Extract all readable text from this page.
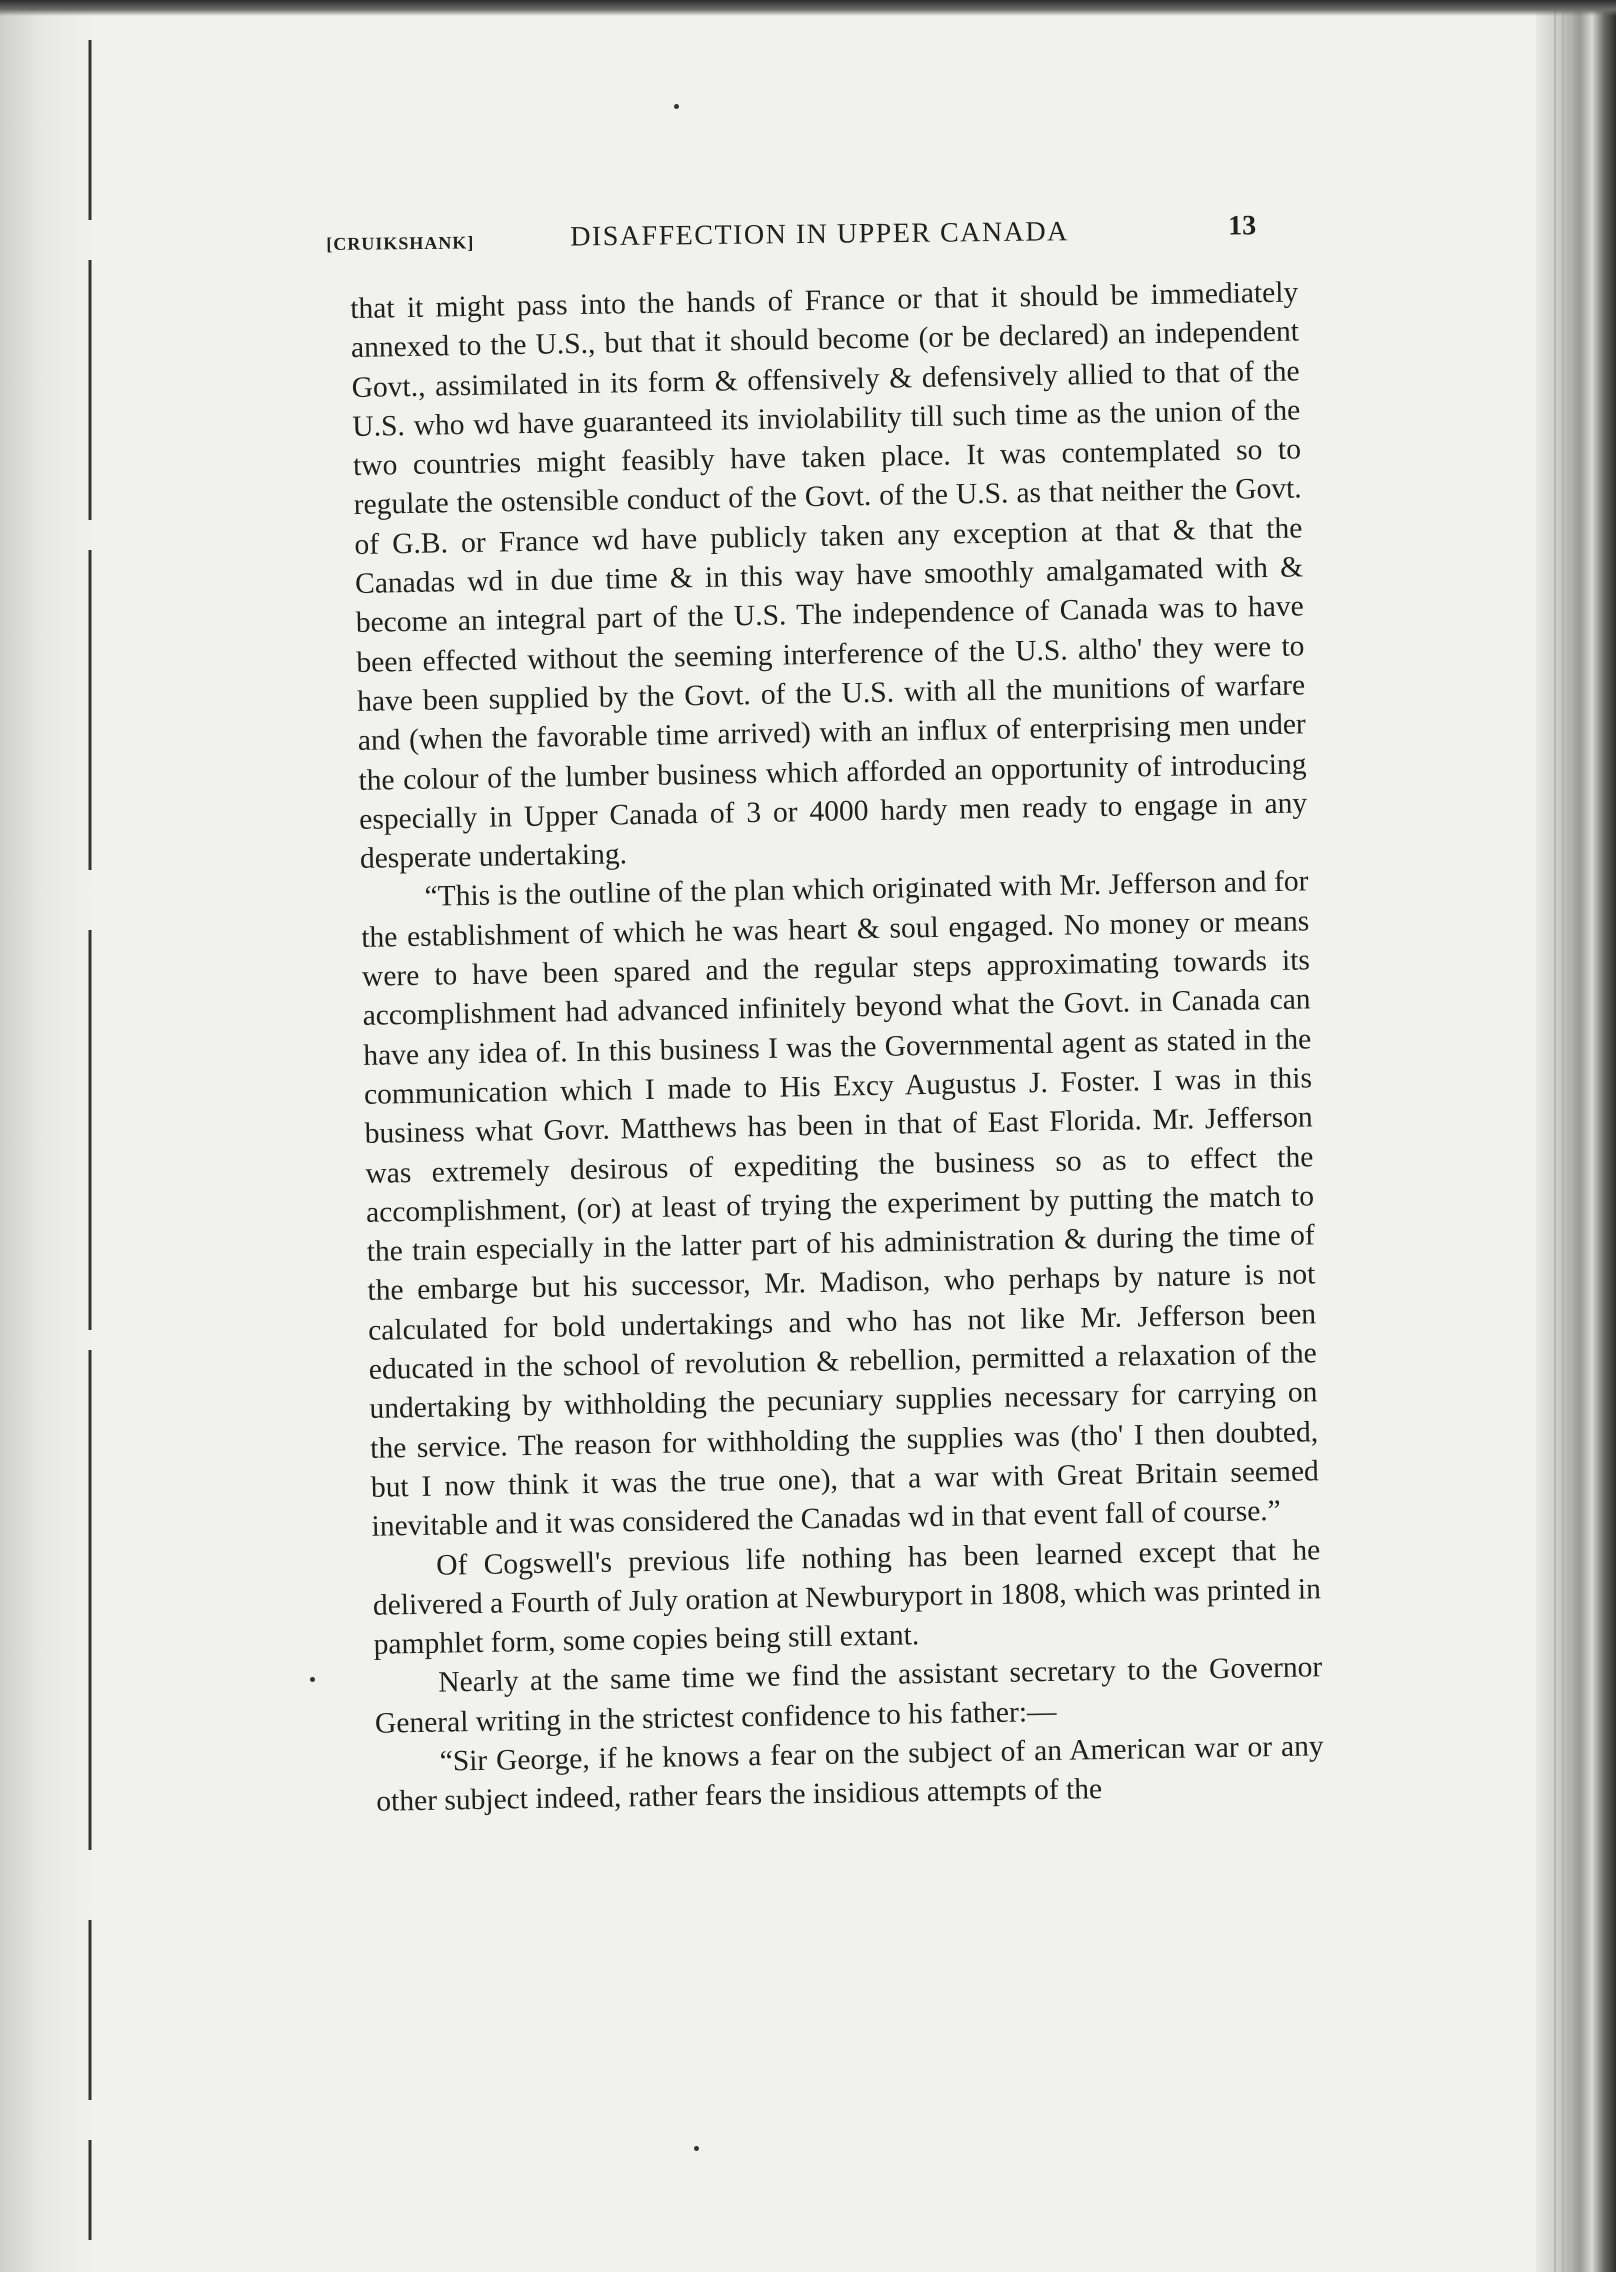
[CRUIKSHANK]	DISAFFECTION IN UPPER CANADA	13

that it might pass into the hands of France or that it should be immediately annexed to the U.S., but that it should become (or be declared) an independent Govt., assimilated in its form & offensively & defensively allied to that of the U.S. who wd have guaranteed its inviolability till such time as the union of the two countries might feasibly have taken place. It was contemplated so to regulate the ostensible conduct of the Govt. of the U.S. as that neither the Govt. of G.B. or France wd have publicly taken any exception at that & that the Canadas wd in due time & in this way have smoothly amalgamated with & become an integral part of the U.S. The independence of Canada was to have been effected without the seeming interference of the U.S. altho' they were to have been supplied by the Govt. of the U.S. with all the munitions of warfare and (when the favorable time arrived) with an influx of enterprising men under the colour of the lumber business which afforded an opportunity of introducing especially in Upper Canada of 3 or 4000 hardy men ready to engage in any desperate undertaking.

“This is the outline of the plan which originated with Mr. Jefferson and for the establishment of which he was heart & soul engaged. No money or means were to have been spared and the regular steps approximating towards its accomplishment had advanced infinitely beyond what the Govt. in Canada can have any idea of. In this business I was the Governmental agent as stated in the communication which I made to His Excy Augustus J. Foster. I was in this business what Govr. Matthews has been in that of East Florida. Mr. Jefferson was extremely desirous of expediting the business so as to effect the accomplishment, (or) at least of trying the experiment by putting the match to the train especially in the latter part of his administration & during the time of the embarge but his successor, Mr. Madison, who perhaps by nature is not calculated for bold undertakings and who has not like Mr. Jefferson been educated in the school of revolution & rebellion, permitted a relaxation of the undertaking by withholding the pecuniary supplies necessary for carrying on the service. The reason for withholding the supplies was (tho' I then doubted, but I now think it was the true one), that a war with Great Britain seemed inevitable and it was considered the Canadas wd in that event fall of course.”

Of Cogswell's previous life nothing has been learned except that he delivered a Fourth of July oration at Newburyport in 1808, which was printed in pamphlet form, some copies being still extant.

Nearly at the same time we find the assistant secretary to the Governor General writing in the strictest confidence to his father:—

“Sir George, if he knows a fear on the subject of an American war or any other subject indeed, rather fears the insidious attempts of the
